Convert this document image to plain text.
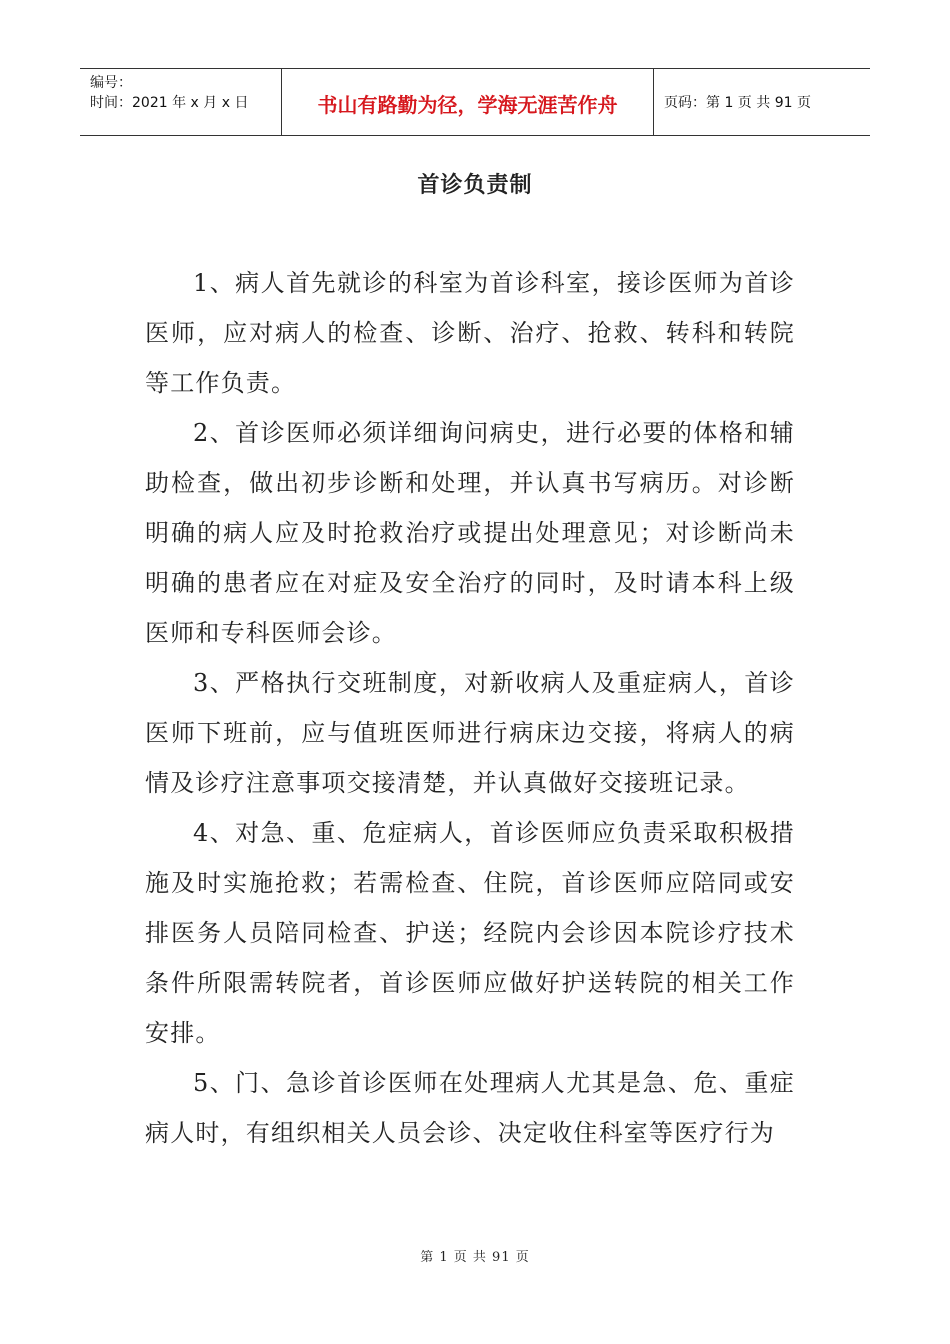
编号：
时间：2021 年 x 月 x 日	书山有路勤为径，学海无涯苦作舟	页码：第 1 页 共 91 页
首诊负责制

1、病人首先就诊的科室为首诊科室，接诊医师为首诊医师，应对病人的检查、诊断、治疗、抢救、转科和转院等工作负责。

2、首诊医师必须详细询问病史，进行必要的体格和辅助检查，做出初步诊断和处理，并认真书写病历。对诊断明确的病人应及时抢救治疗或提出处理意见；对诊断尚未明确的患者应在对症及安全治疗的同时，及时请本科上级医师和专科医师会诊。

3、严格执行交班制度，对新收病人及重症病人，首诊医师下班前，应与值班医师进行病床边交接，将病人的病情及诊疗注意事项交接清楚，并认真做好交接班记录。

4、对急、重、危症病人，首诊医师应负责采取积极措施及时实施抢救；若需检查、住院，首诊医师应陪同或安排医务人员陪同检查、护送；经院内会诊因本院诊疗技术条件所限需转院者，首诊医师应做好护送转院的相关工作安排。

5、门、急诊首诊医师在处理病人尤其是急、危、重症病人时，有组织相关人员会诊、决定收住科室等医疗行为

第 1 页 共 91 页
